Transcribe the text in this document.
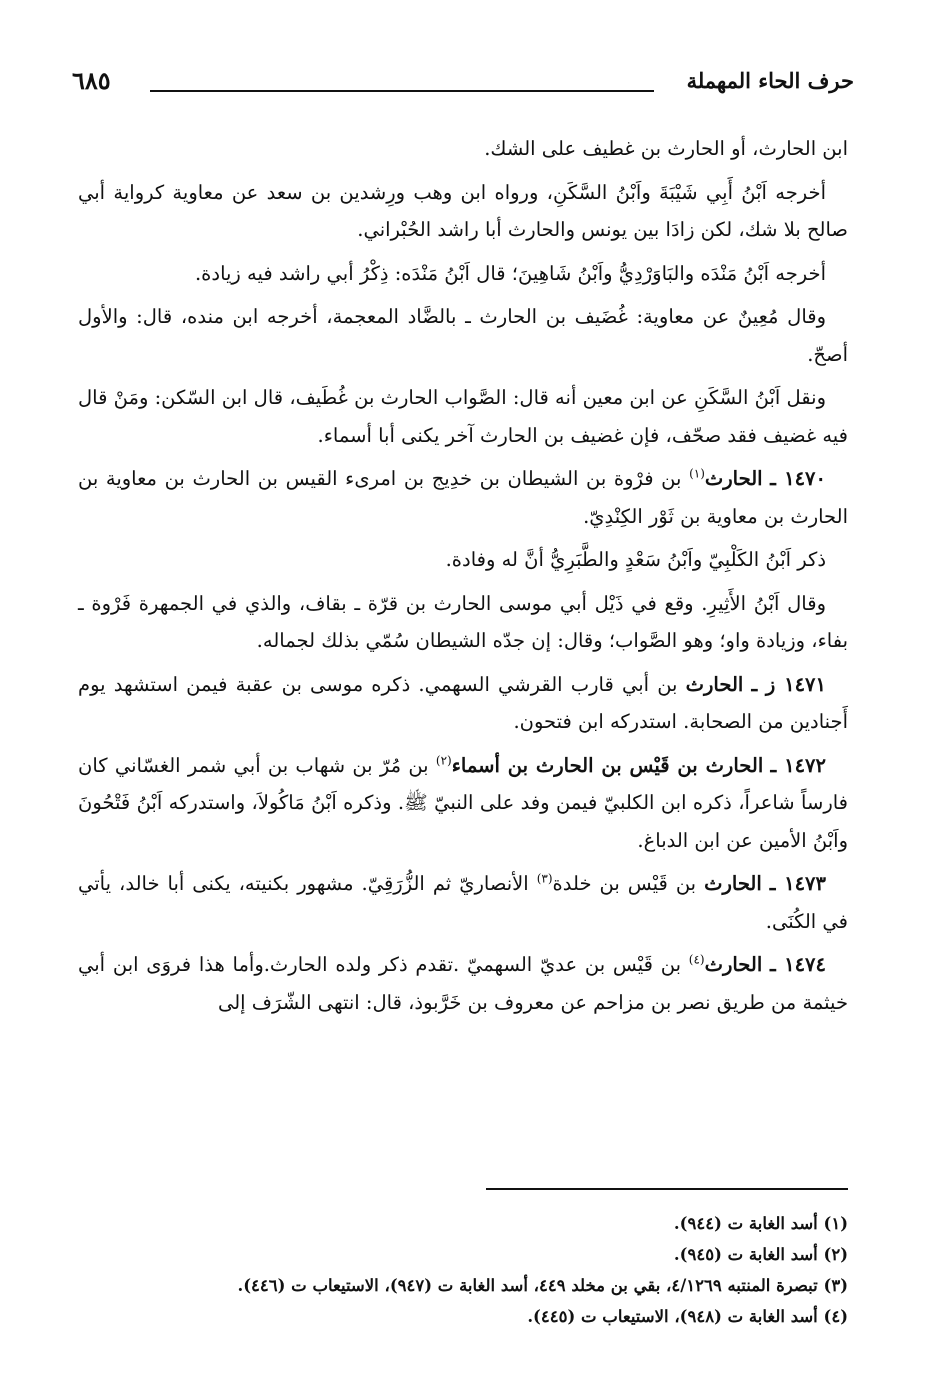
حرف الحاء المهملة
٦٨٥

ابن الحارث، أو الحارث بن غطيف على الشك.

أخرجه اَبْنُ أَبِي شَيْبَةَ واَبْنُ السَّكَنِ، ورواه ابن وهب ورِشدين بن سعد عن معاوية كرواية أبي صالح بلا شك، لكن زادَا بين يونس والحارث أبا راشد الحُبْراني.

أخرجه اَبْنُ مَنْدَه والبَاوَرْدِيُّ واَبْنُ شَاهِينَ؛ قال اَبْنُ مَنْدَه: ذِكْرُ أبي راشد فيه زيادة.

وقال مُعِينٌ عن معاوية: غُضَيف بن الحارث ـ بالضَّاد المعجمة، أخرجه ابن منده، قال: والأول أصحّ.

ونقل اَبْنُ السَّكَنِ عن ابن معين أنه قال: الصَّواب الحارث بن غُطَيف، قال ابن السّكن: ومَنْ قال فيه غضيف فقد صحّف، فإن غضيف بن الحارث آخر يكنى أبا أسماء.

١٤٧٠ ـ الحارث$^{(١)}$ بن فرْوة بن الشيطان بن خدِيج بن امرىء القيس بن الحارث بن معاوية بن الحارث بن معاوية بن ثَوْر الكِنْدِيّ.

ذكر اَبْنُ الكَلْبِيّ واَبْنُ سَعْدٍ والطَّبَرِيُّ أنَّ له وفادة.

وقال اَبْنُ الأَثِيرِ. وقع في ذَيْل أبي موسى الحارث بن قرّة ـ بقاف، والذي في الجمهرة فَرْوة ـ بفاء، وزيادة واو؛ وهو الصَّواب؛ وقال: إن جدّه الشيطان سُمّي بذلك لجماله.

١٤٧١ ز ـ الحارث بن أبي قارب القرشي السهمي. ذكره موسى بن عقبة فيمن استشهد يوم أَجنادين من الصحابة. استدركه ابن فتحون.

١٤٧٢ ـ الحارث بن قَيْس بن الحارث بن أسماء$^{(٢)}$ بن مُرّ بن شهاب بن أبي شمر الغسّاني كان فارساً شاعراً، ذكره ابن الكلبيّ فيمن وفد على النبيّ ﷺ. وذكره اَبْنُ مَاكُولاَ، واستدركه اَبْنُ فَتْحُونَ واَبْنُ الأمين عن ابن الدباغ.

١٤٧٣ ـ الحارث بن قَيْس بن خلدة$^{(٣)}$ الأنصاريّ ثم الزُّرَقِيّ. مشهور بكنيته، يكنى أبا خالد، يأتي في الكُنَى.

١٤٧٤ ـ الحارث$^{(٤)}$ بن قَيْس بن عديّ السهميّ .تقدم ذكر ولده الحارث.وأما هذا فروَى ابن أبي خيثمة من طريق نصر بن مزاحم عن معروف بن خَرَّبوذ، قال: انتهى الشّرَف إلى

(١) أسد الغابة ت (٩٤٤).

(٢) أسد الغابة ت (٩٤٥).

(٣) تبصرة المنتبه ٤/١٢٦٩، بقي بن مخلد ٤٤٩، أسد الغابة ت (٩٤٧)، الاستيعاب ت (٤٤٦).

(٤) أسد الغابة ت (٩٤٨)، الاستيعاب ت (٤٤٥).
